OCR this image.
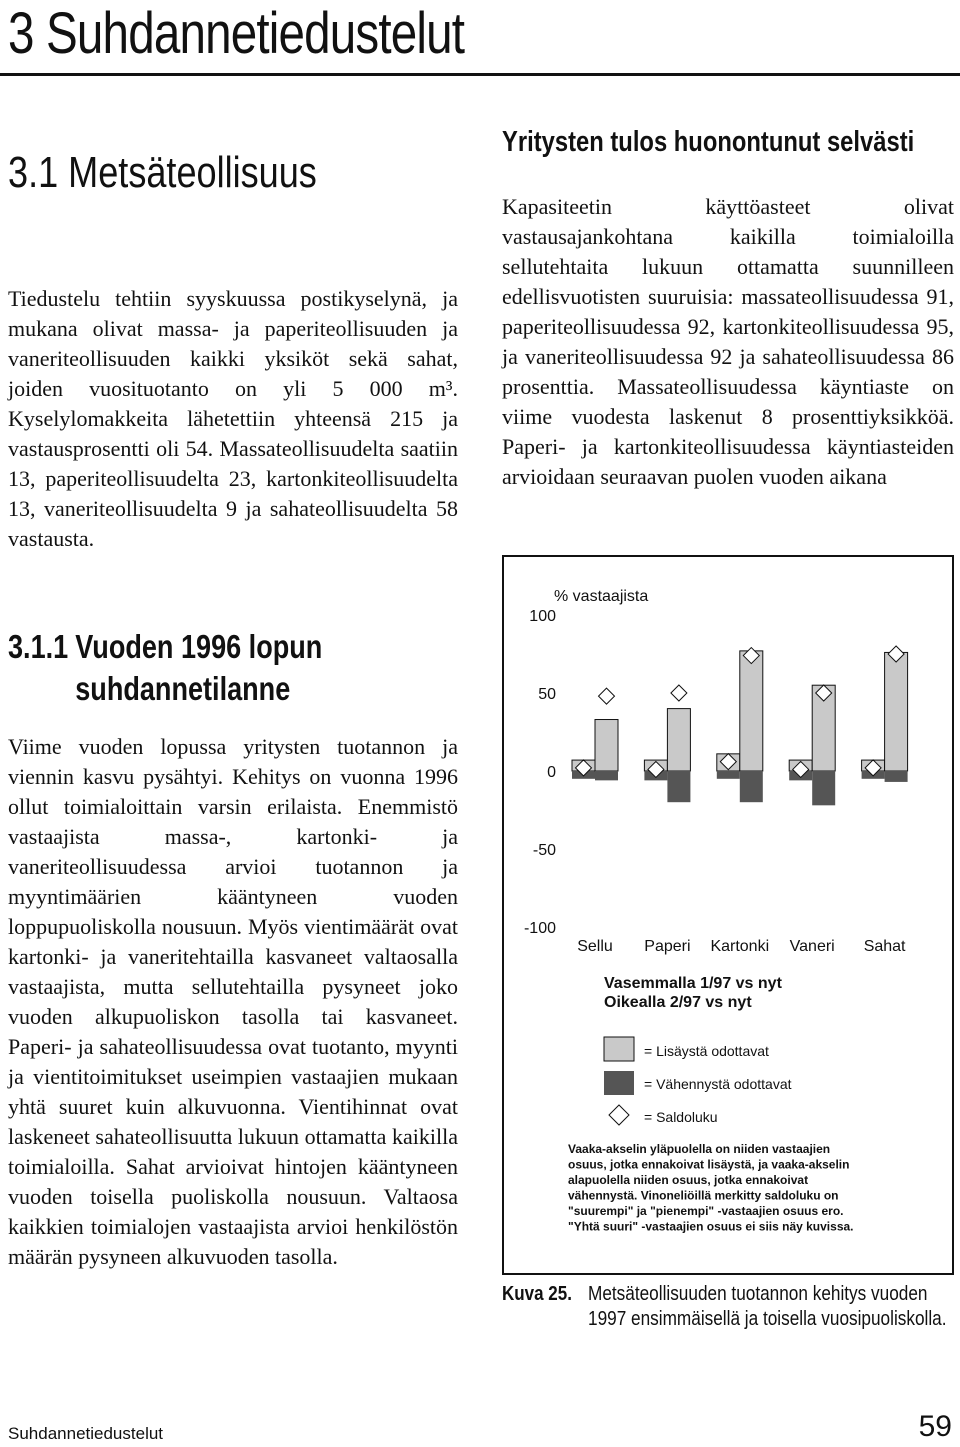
3 Suhdannetiedustelut
3.1 Metsäteollisuus

Tiedustelu tehtiin syyskuussa postikyselynä, ja mukana olivat massa- ja paperiteollisuuden ja vaneriteollisuuden kaikki yksiköt sekä sahat, joiden vuosituotanto on yli 5 000 m³. Kyselylomakkeita lähetettiin yhteensä 215 ja vastausprosentti oli 54. Massateollisuudelta saatiin 13, paperiteollisuudelta 23, kartonkiteollisuudelta 13, vaneriteollisuudelta 9 ja sahateollisuudelta 58 vastausta.

3.1.1 Vuoden 1996 lopun
suhdannetilanne

Viime vuoden lopussa yritysten tuotannon ja viennin kasvu pysähtyi. Kehitys on vuonna 1996 ollut toimialoittain varsin erilaista. Enemmistö vastaajista massa-, kartonki- ja vaneriteollisuudessa arvioi tuotannon ja myyntimäärien kääntyneen vuoden loppupuoliskolla nousuun. Myös vientimäärät ovat kartonki- ja vaneritehtailla kasvaneet valtaosalla vastaajista, mutta sellutehtailla pysyneet joko vuoden alkupuoliskon tasolla tai kasvaneet. Paperi- ja sahateollisuudessa ovat tuotanto, myynti ja vientitoimitukset useimpien vastaajien mukaan yhtä suuret kuin alkuvuonna. Vientihinnat ovat laskeneet sahateollisuutta lukuun ottamatta kaikilla toimialoilla. Sahat arvioivat hintojen kääntyneen vuoden toisella puoliskolla nousuun. Valtaosa kaikkien toimialojen vastaajista arvioi henkilöstön määrän pysyneen alkuvuoden tasolla.

Yritysten tulos huonontunut selvästi

Kapasiteetin käyttöasteet olivat vastausajankohtana kaikilla toimialoilla sellutehtaita lukuun ottamatta suunnilleen edellisvuotisten suuruisia: massateollisuudessa 91, paperiteollisuudessa 92, kartonkiteollisuudessa 95, ja vaneriteollisuudessa 92 ja sahateollisuudessa 86 prosenttia. Massateollisuudessa käyntiaste on viime vuodesta laskenut 8 prosenttiyksikköä. Paperi- ja kartonkiteollisuudessa käyntiasteiden arvioidaan seuraavan puolen vuoden aikana

% vastaajista
100
50
0
-50
-100
Sellu Paperi Kartonki Vaneri Sahat
Vasemmalla 1/97 vs nyt
Oikealla 2/97 vs nyt
= Lisäystä odottavat
= Vähennystä odottavat
= Saldoluku
Vaaka-akselin yläpuolella on niiden vastaajien
osuus, jotka ennakoivat lisäystä, ja vaaka-akselin
alapuolella niiden osuus, jotka ennakoivat
vähennystä. Vinoneliöillä merkitty saldoluku on
"suurempi" ja "pienempi" -vastaajien osuus ero.
"Yhtä suuri" -vastaajien osuus ei siis näy kuvissa.
Kuva 25. Metsäteollisuuden tuotannon kehitys vuoden 1997 ensimmäisellä ja toisella vuosipuoliskolla.
Suhdannetiedustelut	59
